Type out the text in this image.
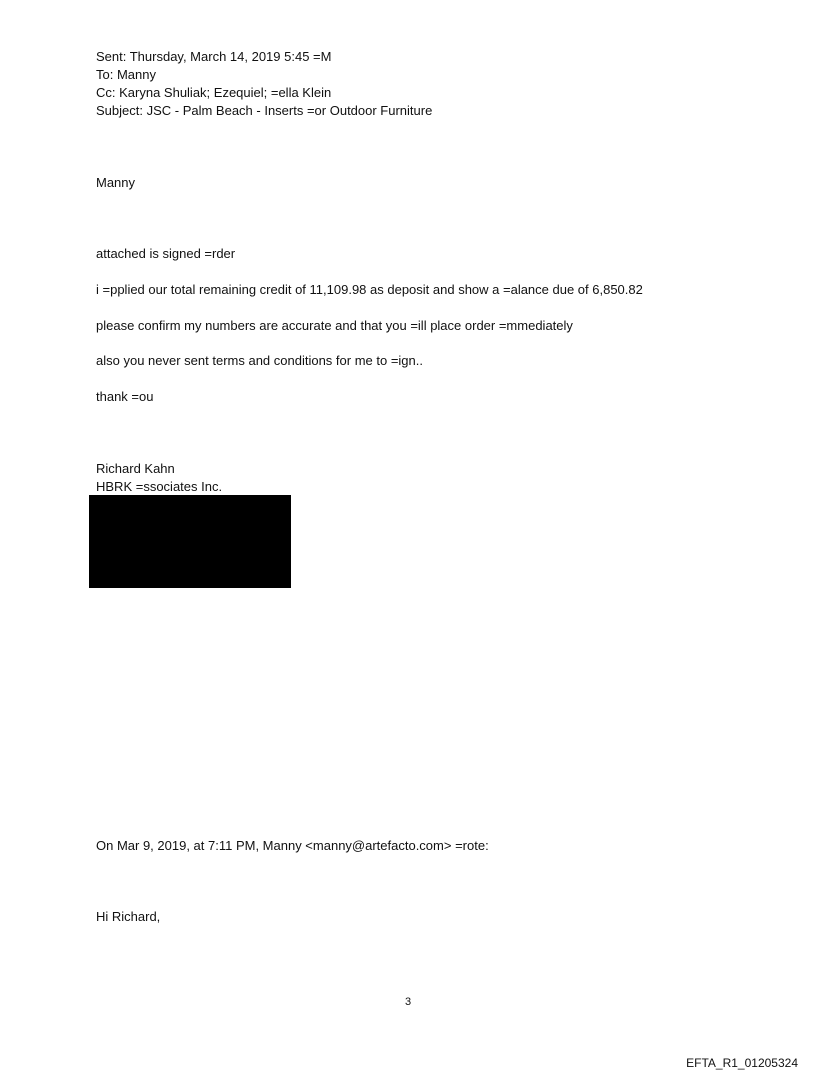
Sent: Thursday, March 14, 2019 5:45 =M
To: Manny
Cc: Karyna Shuliak; Ezequiel; =ella Klein
Subject: JSC - Palm Beach - Inserts =or Outdoor Furniture
Manny
attached is signed =rder
i =pplied our total remaining credit of 11,109.98 as deposit and show a =alance due of 6,850.82
please confirm my numbers are accurate and that you =ill place order =mmediately
also you never sent terms and conditions for me to =ign..
thank =ou
Richard Kahn
HBRK =ssociates Inc.
On Mar 9, 2019, at 7:11 PM, Manny <manny@artefacto.com> =rote:
Hi Richard,
3
EFTA_R1_01205324
